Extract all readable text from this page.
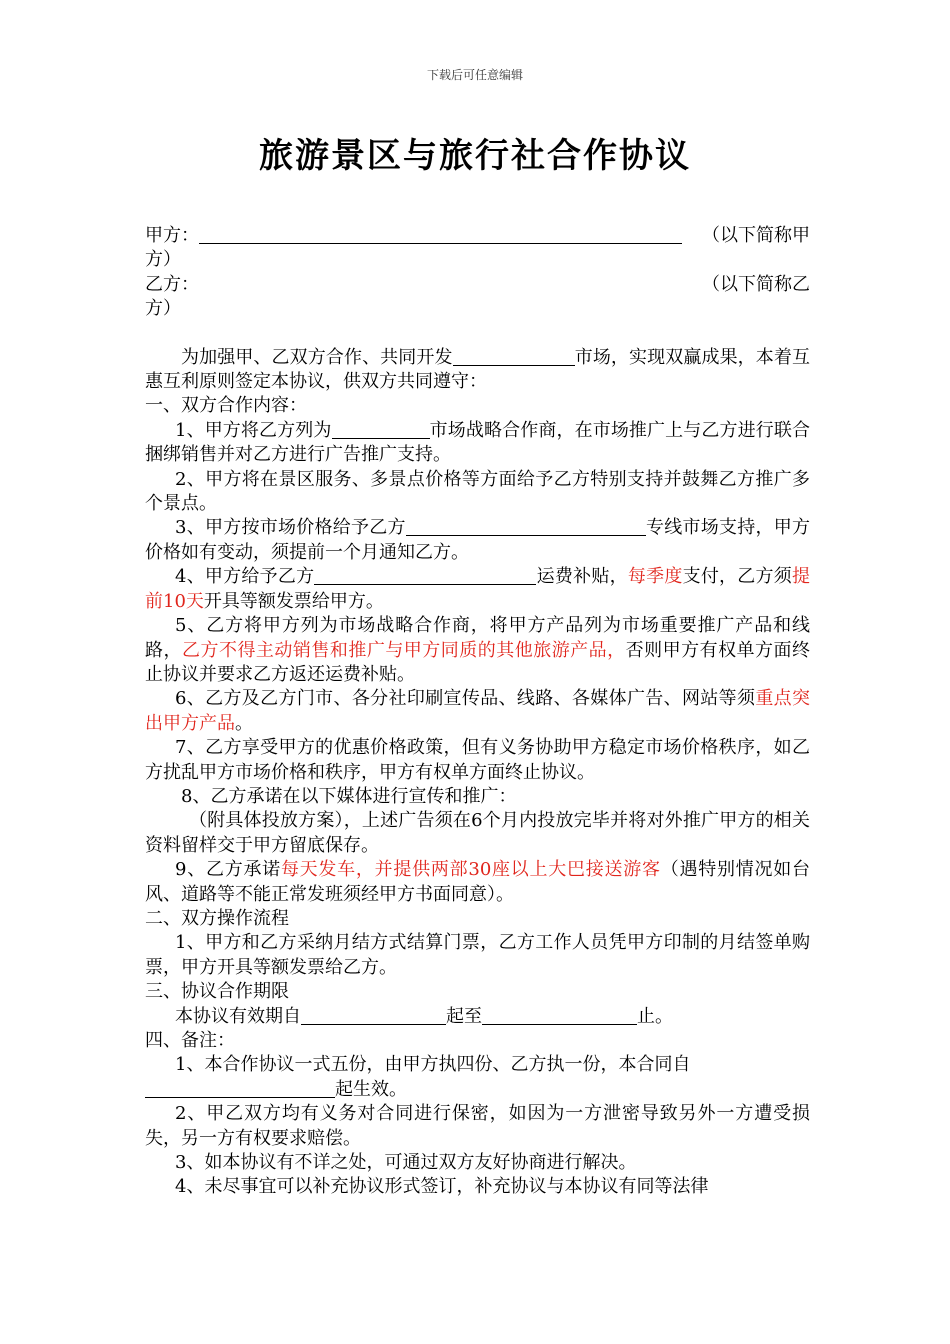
下载后可任意编辑
旅游景区与旅行社合作协议
甲方：	（以下简称甲

方）

乙方：	（以下简称乙

方）

为加强甲、乙双方合作、共同开发	市场，实现双赢成果，本着互惠互利原则签定本协议，供双方共同遵守：

一、双方合作内容：

1、甲方将乙方列为	市场战略合作商，在市场推广上与乙方进行联合捆绑销售并对乙方进行广告推广支持。

2、甲方将在景区服务、多景点价格等方面给予乙方特别支持并鼓舞乙方推广多个景点。

3、甲方按市场价格给予乙方	专线市场支持，甲方价格如有变动，须提前一个月通知乙方。

4、甲方给予乙方	运费补贴，每季度支付，乙方须提前10天开具等额发票给甲方。

5、乙方将甲方列为市场战略合作商，将甲方产品列为市场重要推广产品和线路，乙方不得主动销售和推广与甲方同质的其他旅游产品，否则甲方有权单方面终止协议并要求乙方返还运费补贴。

6、乙方及乙方门市、各分社印刷宣传品、线路、各媒体广告、网站等须重点突出甲方产品。

7、乙方享受甲方的优惠价格政策，但有义务协助甲方稳定市场价格秩序，如乙方扰乱甲方市场价格和秩序，甲方有权单方面终止协议。

8、乙方承诺在以下媒体进行宣传和推广：

（附具体投放方案），上述广告须在6个月内投放完毕并将对外推广甲方的相关资料留样交于甲方留底保存。

9、乙方承诺每天发车，并提供两部30座以上大巴接送游客（遇特别情况如台风、道路等不能正常发班须经甲方书面同意）。

二、双方操作流程

1、甲方和乙方采纳月结方式结算门票，乙方工作人员凭甲方印制的月结签单购票，甲方开具等额发票给乙方。

三、协议合作期限

本协议有效期自	起至	止。

四、备注：

1、本合作协议一式五份，由甲方执四份、乙方执一份，本合同自

起生效。

2、甲乙双方均有义务对合同进行保密，如因为一方泄密导致另外一方遭受损失，另一方有权要求赔偿。

3、如本协议有不详之处，可通过双方友好协商进行解决。

4、未尽事宜可以补充协议形式签订，补充协议与本协议有同等法律
